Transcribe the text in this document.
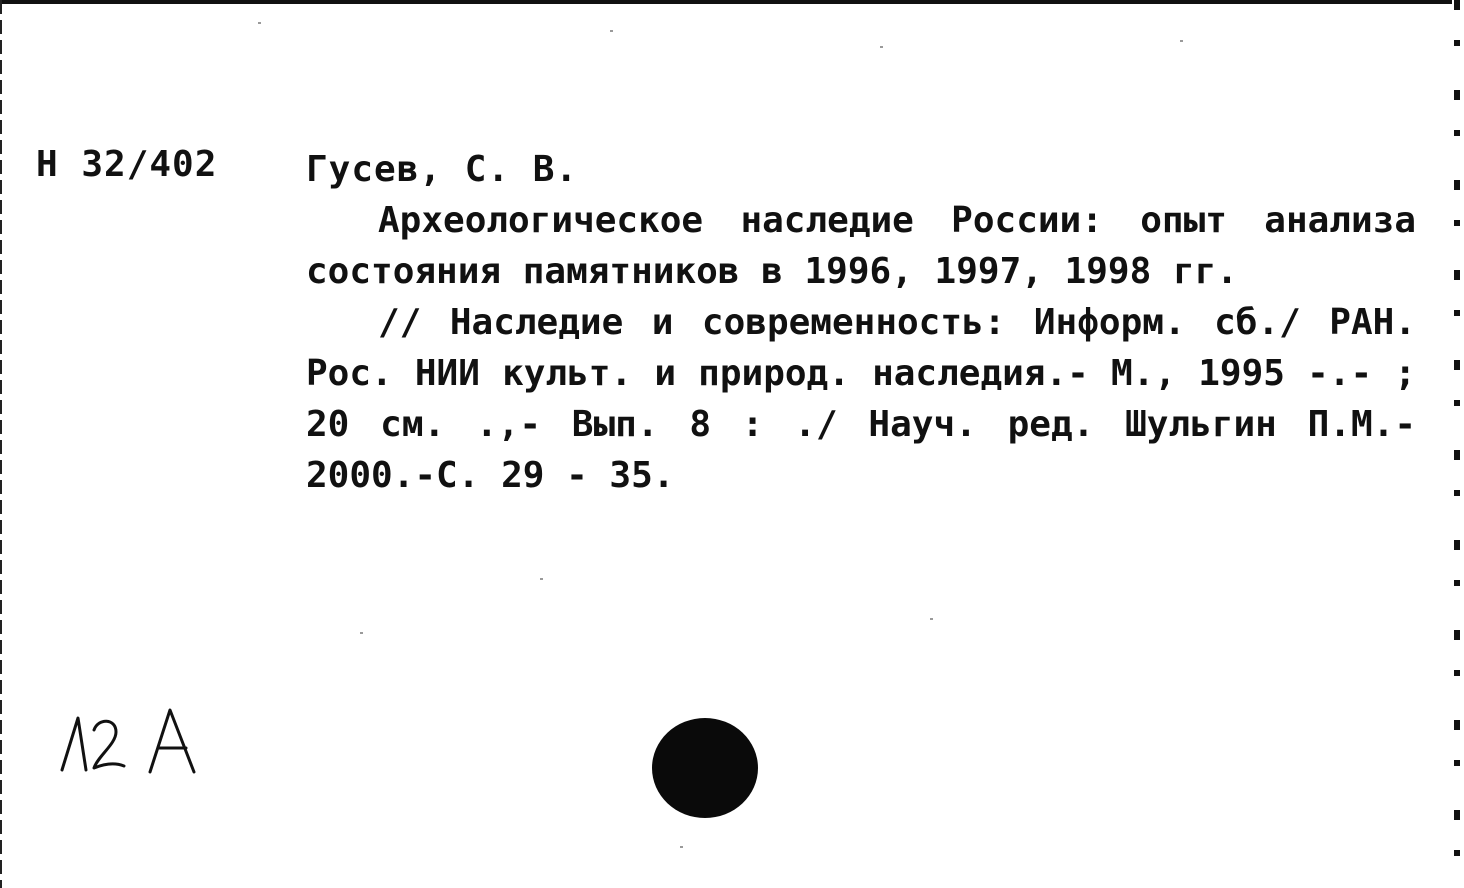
Н 32/402 Гусев, С. В.

Археологическое наследие России: опыт анализа состояния памятников в 1996, 1997, 1998 гг.

// Наследие и современность: Информ. сб./ РАН. Рос. НИИ культ. и природ. наследия.- М., 1995 -.- ; 20 см. .,- Вып. 8 : ./ Науч. ред. Шульгин П.М.- 2000.-С. 29 - 35.
